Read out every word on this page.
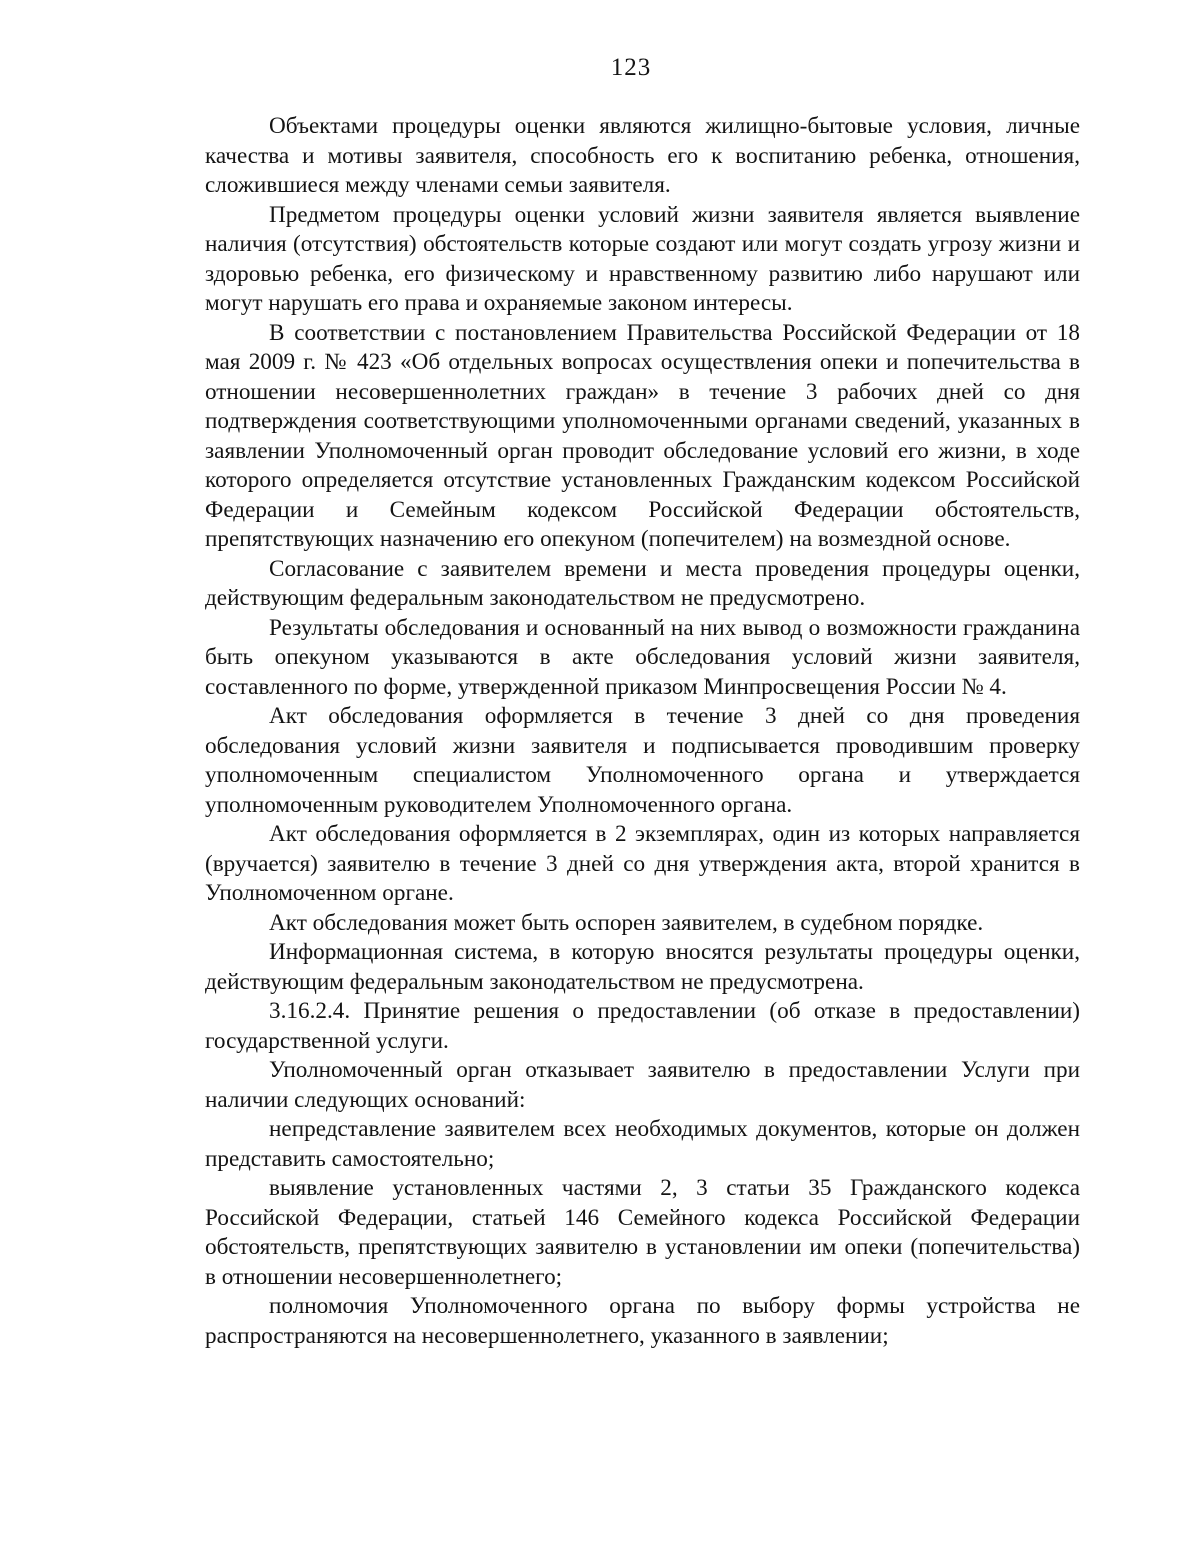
123

Объектами процедуры оценки являются жилищно-бытовые условия, личные качества и мотивы заявителя, способность его к воспитанию ребенка, отношения, сложившиеся между членами семьи заявителя.

Предметом процедуры оценки условий жизни заявителя является выявление наличия (отсутствия) обстоятельств которые создают или могут создать угрозу жизни и здоровью ребенка, его физическому и нравственному развитию либо нарушают или могут нарушать его права и охраняемые законом интересы.

В соответствии с постановлением Правительства Российской Федерации от 18 мая 2009 г. № 423 «Об отдельных вопросах осуществления опеки и попечительства в отношении несовершеннолетних граждан» в течение 3 рабочих дней со дня подтверждения соответствующими уполномоченными органами сведений, указанных в заявлении Уполномоченный орган проводит обследование условий его жизни, в ходе которого определяется отсутствие установленных Гражданским кодексом Российской Федерации и Семейным кодексом Российской Федерации обстоятельств, препятствующих назначению его опекуном (попечителем) на возмездной основе.

Согласование с заявителем времени и места проведения процедуры оценки, действующим федеральным законодательством не предусмотрено.

Результаты обследования и основанный на них вывод о возможности гражданина быть опекуном указываются в акте обследования условий жизни заявителя, составленного по форме, утвержденной приказом Минпросвещения России № 4.

Акт обследования оформляется в течение 3 дней со дня проведения обследования условий жизни заявителя и подписывается проводившим проверку уполномоченным специалистом Уполномоченного органа и утверждается уполномоченным руководителем Уполномоченного органа.

Акт обследования оформляется в 2 экземплярах, один из которых направляется (вручается) заявителю в течение 3 дней со дня утверждения акта, второй хранится в Уполномоченном органе.

Акт обследования может быть оспорен заявителем, в судебном порядке.

Информационная система, в которую вносятся результаты процедуры оценки, действующим федеральным законодательством не предусмотрена.

3.16.2.4. Принятие решения о предоставлении (об отказе в предоставлении) государственной услуги.

Уполномоченный орган отказывает заявителю в предоставлении Услуги при наличии следующих оснований:

непредставление заявителем всех необходимых документов, которые он должен представить самостоятельно;

выявление установленных частями 2, 3 статьи 35 Гражданского кодекса Российской Федерации, статьей 146 Семейного кодекса Российской Федерации обстоятельств, препятствующих заявителю в установлении им опеки (попечительства) в отношении несовершеннолетнего;

полномочия Уполномоченного органа по выбору формы устройства не распространяются на несовершеннолетнего, указанного в заявлении;
